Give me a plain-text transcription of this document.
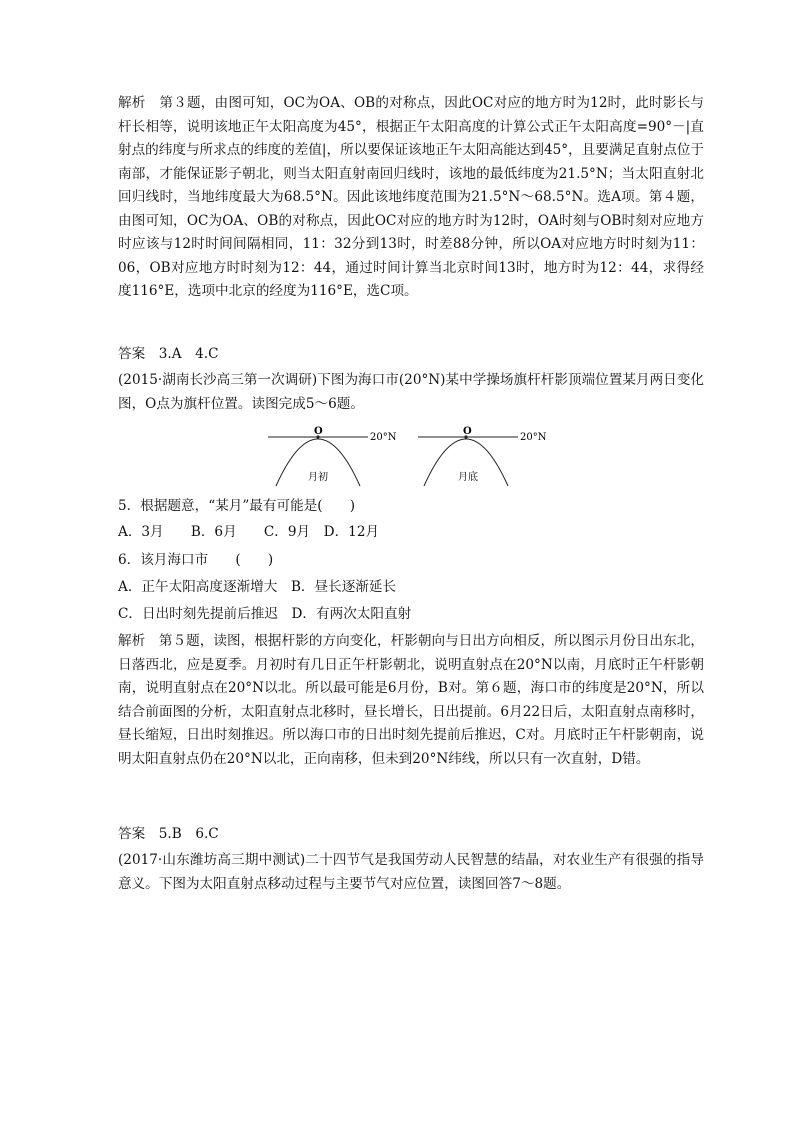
解析　 第３题，由图可知，OC为OA、OB的对称点，因此OC对应的地方时为12时，此时影长与杆长相等，说明该地正午太阳高度为45°，根据正午太阳高度的计算公式正午太阳高度=90°－|直射点的纬度与所求点的纬度的差值|，所以要保证该地正午太阳高能达到45°，且要满足直射点位于南部，才能保证影子朝北，则当太阳直射南回归线时，该地的最低纬度为21.5°N；当太阳直射北回归线时，当地纬度最大为68.5°N。因此该地纬度范围为21.5°N～68.5°N。选A项。第４题，由图可知，OC为OA、OB的对称点，因此OC对应的地方时为12时，OA时刻与OB时刻对应地方时应该与12时时间间隔相同，11：32分到13时，时差88分钟，所以OA对应地方时时刻为11：06，OB对应地方时时刻为12：44，通过时间计算当北京时间13时，地方时为12：44，求得经度116°E，选项中北京的经度为116°E，选C项。
答案　 3.A　4.C
(2015·湖南长沙高三第一次调研)下图为海口市(20°N)某中学操场旗杆杆影顶端位置某月两日变化图，O点为旗杆位置。读图完成5～6题。
O
20°N
月初
O
20°N
月底
5．根据题意，“某月”最有可能是(　　)
A．3月　　B．6月　　C．9月　D．12月
6．该月海口市　　(　　)
A．正午太阳高度逐渐增大　B．昼长逐渐延长
C．日出时刻先提前后推迟　D．有两次太阳直射
解析　 第５题，读图，根据杆影的方向变化，杆影朝向与日出方向相反，所以图示月份日出东北，日落西北，应是夏季。月初时有几日正午杆影朝北，说明直射点在20°N以南，月底时正午杆影朝南，说明直射点在20°N以北。所以最可能是6月份，B对。第６题，海口市的纬度是20°N，所以结合前面图的分析，太阳直射点北移时，昼长增长，日出提前。6月22日后，太阳直射点南移时，昼长缩短，日出时刻推迟。所以海口市的日出时刻先提前后推迟，C对。月底时正午杆影朝南，说明太阳直射点仍在20°N以北，正向南移，但未到20°N纬线，所以只有一次直射，D错。
答案　 5.B　6.C
(2017·山东潍坊高三期中测试)二十四节气是我国劳动人民智慧的结晶，对农业生产有很强的指导意义。下图为太阳直射点移动过程与主要节气对应位置，读图回答7～8题。
